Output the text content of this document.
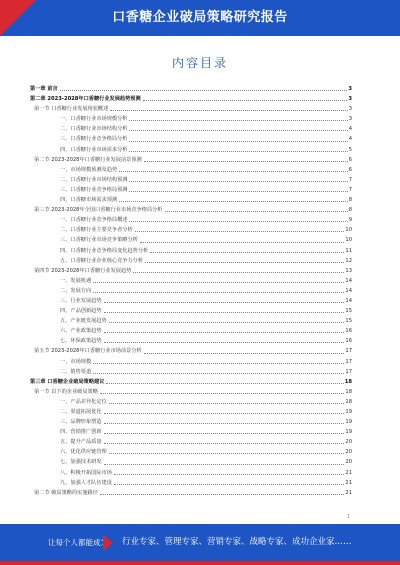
口香糖企业破局策略研究报告
内容目录
第一章 前言	3
第二章 2023-2028年口香糖行业发展趋势预测	3
第一节 口香糖行业发展现状概述	3
一、口香糖行业市场规模分析	3
二、口香糖行业市场结构分析	4
三、口香糖行业竞争格局分析	4
四、口香糖行业市场需求分析	5
第二节 2023-2028年口香糖行业发展前景预测	6
一、市场规模预测及趋势	6
二、口香糖行业市场结构预测	7
三、口香糖行业竞争格局预测	7
四、口香糖市场需求预测	8
第三节 2023-2028年全国口香糖行业市场竞争格局分析	8
一、口香糖行业竞争格局概述	9
二、口香糖行业主要竞争者分析	10
三、口香糖行业市场竞争策略分析	10
四、口香糖行业竞争格局变化趋势分析	11
五、口香糖行业企业核心竞争力分析	12
第四节 2023-2028年口香糖行业发展趋势	13
一、发展机遇	14
二、发展方向	14
三、行业发展趋势	14
四、产品创新趋势	15
五、产业链发展趋势	15
六、产业政策趋势	16
七、环保政策趋势	16
第五节 2023-2028年口香糖行业市场前景分析	17
一、市场规模	17
二、销售渠道	17
第三章 口香糖企业破局策略建议	18
第一节 以下的企业破局策略	18
一、产品差异化定位	18
二、渠道拓展优化	19
三、品牌形象塑造	19
四、营销推广创新	19
五、提升产品质量	20
六、优化供应链管理	20
七、加强技术研发	20
八、积极开拓国际市场	21
九、加强人才队伍建设	21
第二节 破局策略的实施路径	21
1
让每个人都能成为 行业专家、管理专家、营销专家、战略专家、成功企业家……
